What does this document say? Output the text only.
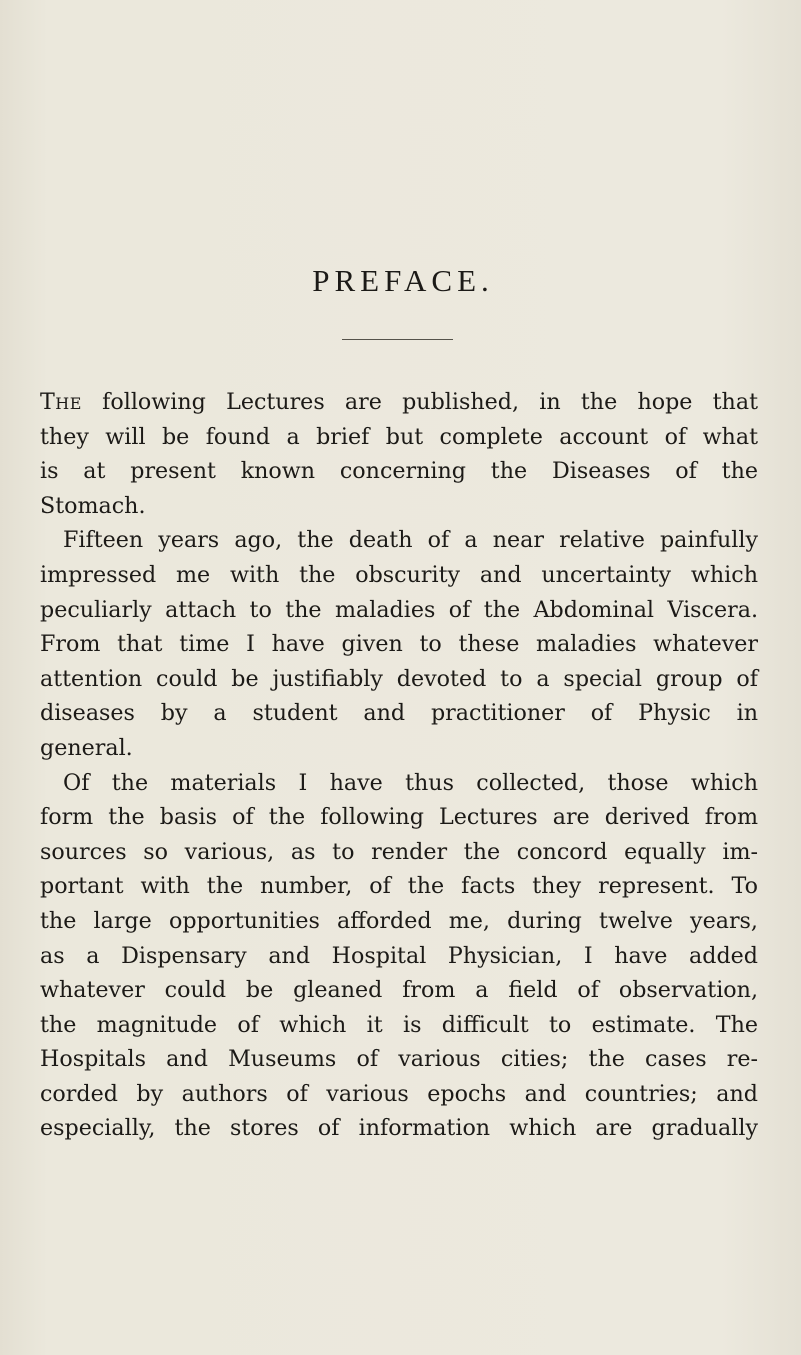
PREFACE.
The following Lectures are published, in the hope that
they will be found a brief but complete account of what
is at present known concerning the Diseases of the
Stomach.
Fifteen years ago, the death of a near relative painfully
impressed me with the obscurity and uncertainty which
peculiarly attach to the maladies of the Abdominal Viscera.
From that time I have given to these maladies whatever
attention could be justifiably devoted to a special group of
diseases by a student and practitioner of Physic in
general.
Of the materials I have thus collected, those which
form the basis of the following Lectures are derived from
sources so various, as to render the concord equally im-
portant with the number, of the facts they represent. To
the large opportunities afforded me, during twelve years,
as a Dispensary and Hospital Physician, I have added
whatever could be gleaned from a field of observation,
the magnitude of which it is difficult to estimate. The
Hospitals and Museums of various cities; the cases re-
corded by authors of various epochs and countries; and
especially, the stores of information which are gradually
